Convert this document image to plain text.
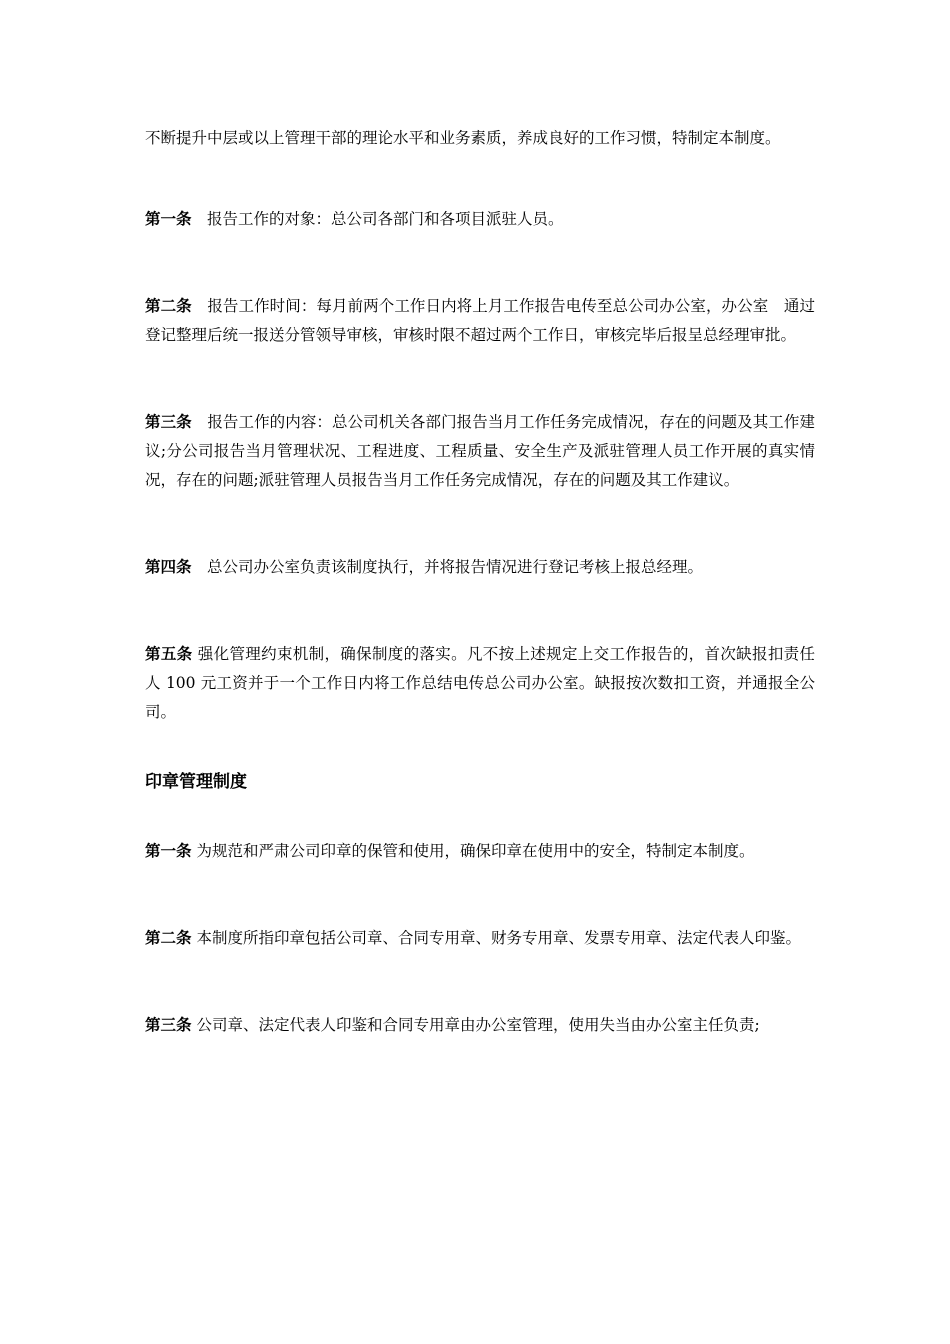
不断提升中层或以上管理干部的理论水平和业务素质，养成良好的工作习惯，特制定本制度。

第一条　报告工作的对象：总公司各部门和各项目派驻人员。

第二条　报告工作时间：每月前两个工作日内将上月工作报告电传至总公司办公室，办公室　通过登记整理后统一报送分管领导审核，审核时限不超过两个工作日，审核完毕后报呈总经理审批。

第三条　报告工作的内容：总公司机关各部门报告当月工作任务完成情况，存在的问题及其工作建议;分公司报告当月管理状况、工程进度、工程质量、安全生产及派驻管理人员工作开展的真实情况，存在的问题;派驻管理人员报告当月工作任务完成情况，存在的问题及其工作建议。

第四条　总公司办公室负责该制度执行，并将报告情况进行登记考核上报总经理。

第五条 强化管理约束机制，确保制度的落实。凡不按上述规定上交工作报告的，首次缺报扣责任人 100 元工资并于一个工作日内将工作总结电传总公司办公室。缺报按次数扣工资，并通报全公司。

印章管理制度

第一条 为规范和严肃公司印章的保管和使用，确保印章在使用中的安全，特制定本制度。

第二条 本制度所指印章包括公司章、合同专用章、财务专用章、发票专用章、法定代表人印鉴。

第三条 公司章、法定代表人印鉴和合同专用章由办公室管理，使用失当由办公室主任负责;
